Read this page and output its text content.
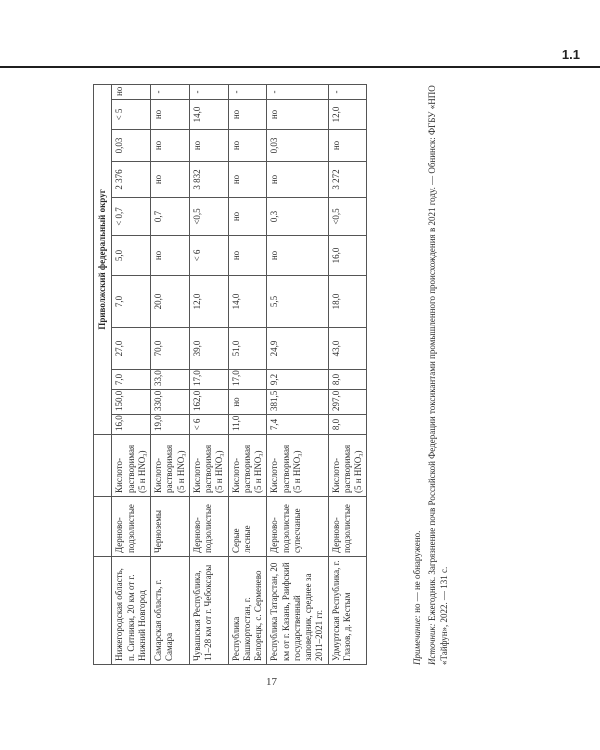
1.1
			Приволжский федеральный округ										
Нижегородская область, п. Ситники, 20 км от г. Нижний Новгород	Дерново-подзолистые	Кислото-растворимая (5 н HNO₃)	16,0	150,0	7,0	27,0	7,0	5,0	< 0,7	2 376	0,03	< 5	но
Самарская область, г. Самара	Черноземы	Кислото-растворимая (5 н HNO₃)	19,0	330,0	33,0	70,0	20,0	но	0,7	но	но	но	-
Чувашская Республика, 11–28 км от г. Чебоксары	Дерново-подзолистые	Кислото-растворимая (5 н HNO₃)	< 6	162,0	17,0	39,0	12,0	< 6	<0,5	3 832	но	14,0	-
Республика Башкортостан, г. Белорецк, с. Серменево	Серые лесные	Кислото-растворимая (5 н HNO₃)	11,0	но	17,0	51,0	14,0	но	но	но	но	но	-
Республика Татарстан, 20 км от г. Казань, Раифский государственный заповедник, среднее за 2011–2021 гг.	Дерново-подзолистые супесчаные	Кислото-растворимая (5 н HNO₃)	7,4	381,5	9,2	24,9	5,5	но	0,3	но	0,03	но	-
Удмуртская Республика, г. Глазов, д. Кестым	Дерново-подзолистые	Кислото-растворимая (5 н HNO₃)	8,0	297,0	8,0	43,0	18,0	16,0	<0,5	3 272	но	12,0	-

Примечание: но — не обнаружено.

Источник: Ежегодник. Загрязнение почв Российской Федерации токсикантами промышленного происхождения в 2021 году. — Обнинск: ФГБУ «НПО «Тайфун», 2022. — 131 с.

17
